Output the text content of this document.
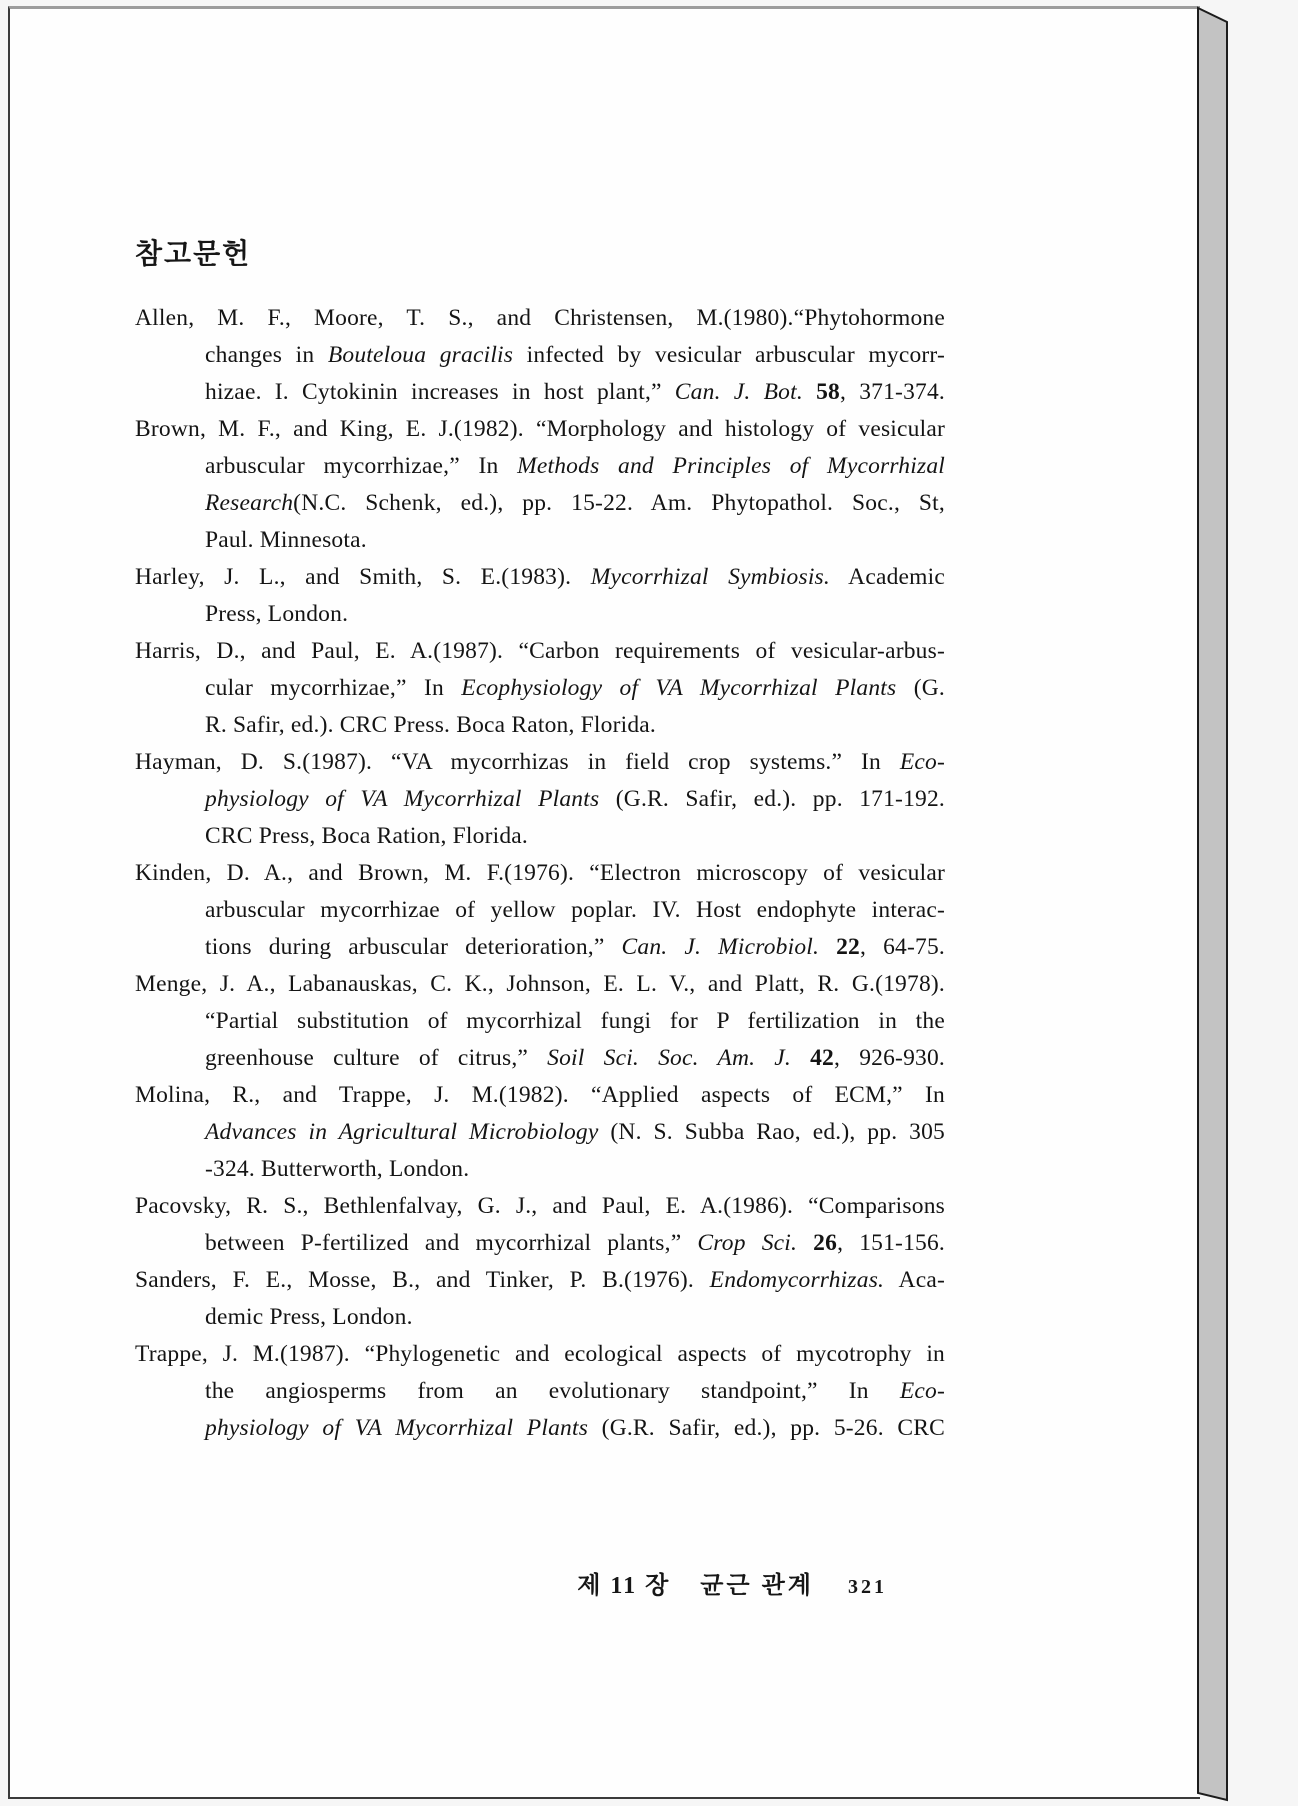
참고문헌
Allen, M. F., Moore, T. S., and Christensen, M.(1980).“Phytohormone
changes in Bouteloua gracilis infected by vesicular arbuscular mycorr-
hizae. I. Cytokinin increases in host plant,” Can. J. Bot. 58, 371-374.
Brown, M. F., and King, E. J.(1982). “Morphology and histology of vesicular
arbuscular mycorrhizae,” In Methods and Principles of Mycorrhizal
Research(N.C. Schenk, ed.), pp. 15-22. Am. Phytopathol. Soc., St,
Paul. Minnesota.
Harley, J. L., and Smith, S. E.(1983). Mycorrhizal Symbiosis. Academic
Press, London.
Harris, D., and Paul, E. A.(1987). “Carbon requirements of vesicular-arbus-
cular mycorrhizae,” In Ecophysiology of VA Mycorrhizal Plants (G.
R. Safir, ed.). CRC Press. Boca Raton, Florida.
Hayman, D. S.(1987). “VA mycorrhizas in field crop systems.” In Eco-
physiology of VA Mycorrhizal Plants (G.R. Safir, ed.). pp. 171-192.
CRC Press, Boca Ration, Florida.
Kinden, D. A., and Brown, M. F.(1976). “Electron microscopy of vesicular
arbuscular mycorrhizae of yellow poplar. IV. Host endophyte interac-
tions during arbuscular deterioration,” Can. J. Microbiol. 22, 64-75.
Menge, J. A., Labanauskas, C. K., Johnson, E. L. V., and Platt, R. G.(1978).
“Partial substitution of mycorrhizal fungi for P fertilization in the
greenhouse culture of citrus,” Soil Sci. Soc. Am. J. 42, 926-930.
Molina, R., and Trappe, J. M.(1982). “Applied aspects of ECM,” In
Advances in Agricultural Microbiology (N. S. Subba Rao, ed.), pp. 305
-324. Butterworth, London.
Pacovsky, R. S., Bethlenfalvay, G. J., and Paul, E. A.(1986). “Comparisons
between P-fertilized and mycorrhizal plants,” Crop Sci. 26, 151-156.
Sanders, F. E., Mosse, B., and Tinker, P. B.(1976). Endomycorrhizas. Aca-
demic Press, London.
Trappe, J. M.(1987). “Phylogenetic and ecological aspects of mycotrophy in
the angiosperms from an evolutionary standpoint,” In Eco-
physiology of VA Mycorrhizal Plants (G.R. Safir, ed.), pp. 5-26. CRC
제 11 장 균근 관계 321
